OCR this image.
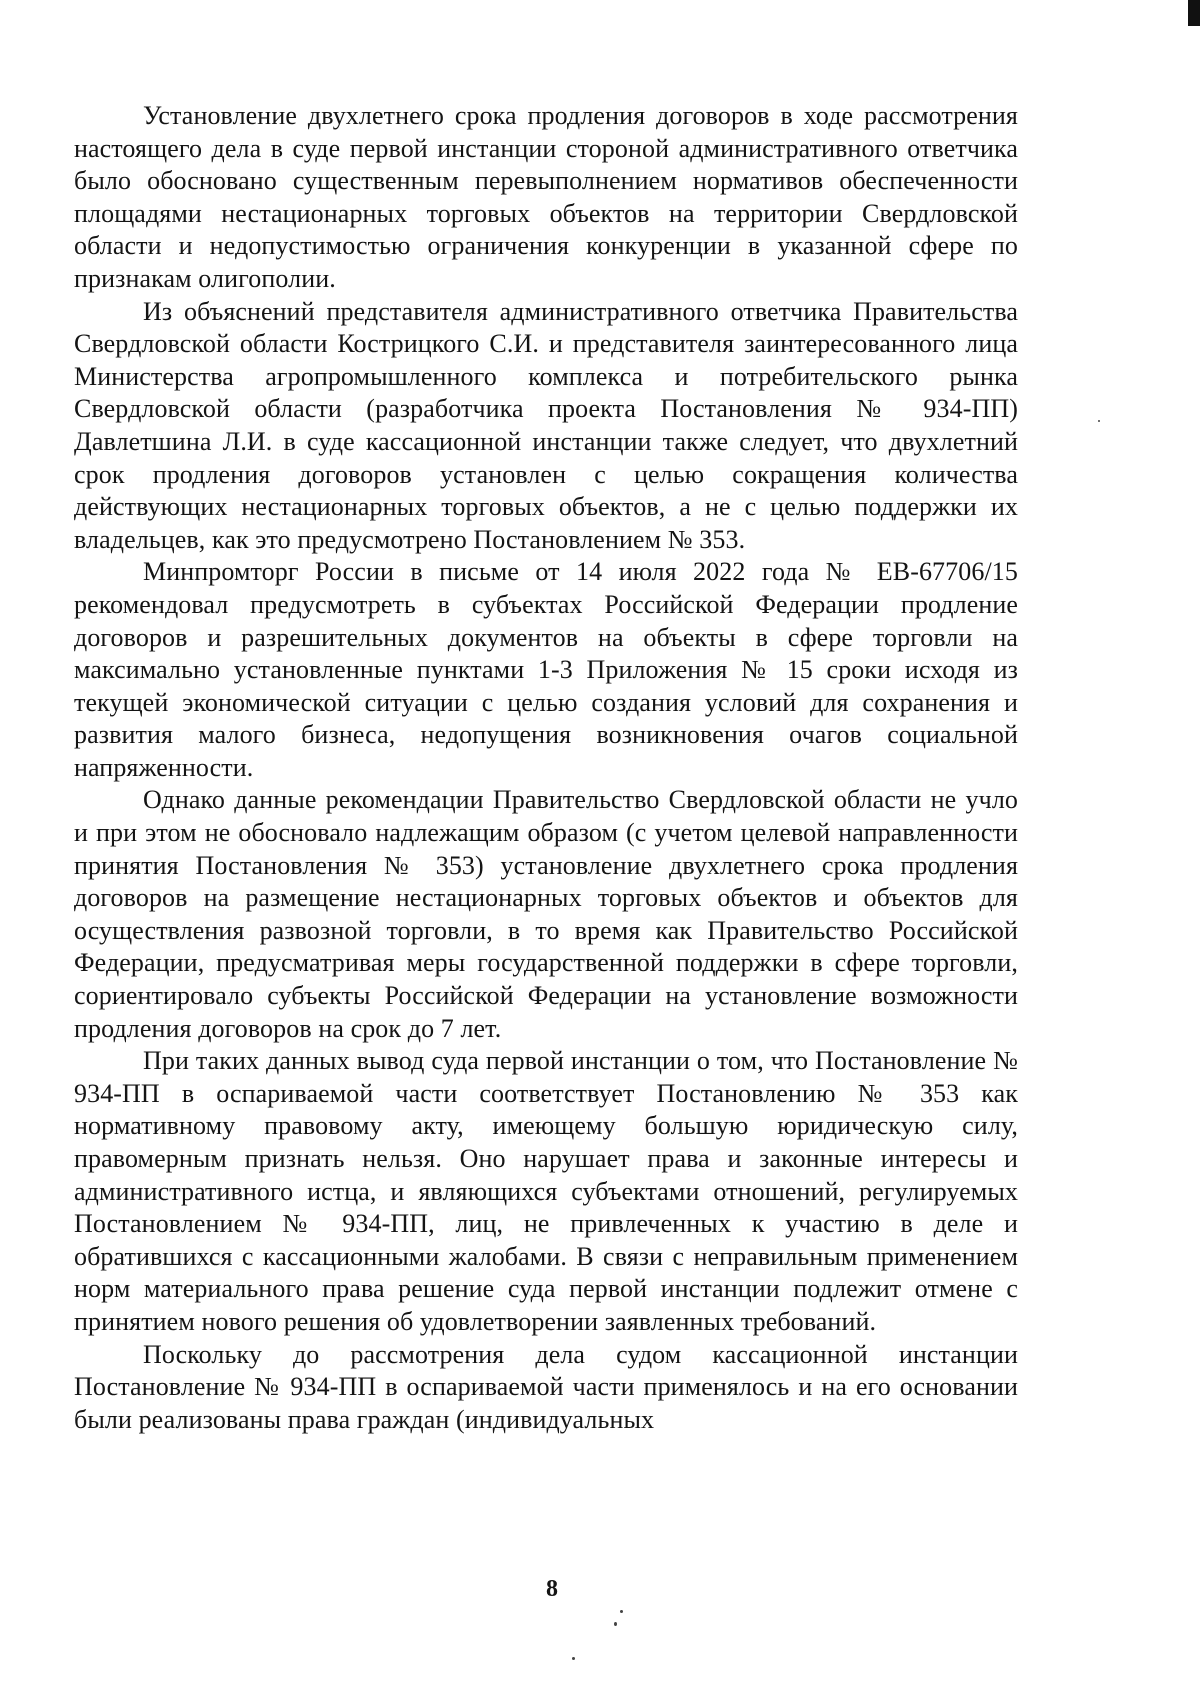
Установление двухлетнего срока продления договоров в ходе рассмотрения настоящего дела в суде первой инстанции стороной административного ответчика было обосновано существенным перевыполнением нормативов обеспеченности площадями нестационарных торговых объектов на территории Свердловской области и недопустимостью ограничения конкуренции в указанной сфере по признакам олигополии.

Из объяснений представителя административного ответчика Правительства Свердловской области Кострицкого С.И. и представителя заинтересованного лица Министерства агропромышленного комплекса и потребительского рынка Свердловской области (разработчика проекта Постановления № 934-ПП) Давлетшина Л.И. в суде кассационной инстанции также следует, что двухлетний срок продления договоров установлен с целью сокращения количества действующих нестационарных торговых объектов, а не с целью поддержки их владельцев, как это предусмотрено Постановлением № 353.

Минпромторг России в письме от 14 июля 2022 года № ЕВ-67706/15 рекомендовал предусмотреть в субъектах Российской Федерации продление договоров и разрешительных документов на объекты в сфере торговли на максимально установленные пунктами 1-3 Приложения № 15 сроки исходя из текущей экономической ситуации с целью создания условий для сохранения и развития малого бизнеса, недопущения возникновения очагов социальной напряженности.

Однако данные рекомендации Правительство Свердловской области не учло и при этом не обосновало надлежащим образом (с учетом целевой направленности принятия Постановления № 353) установление двухлетнего срока продления договоров на размещение нестационарных торговых объектов и объектов для осуществления развозной торговли, в то время как Правительство Российской Федерации, предусматривая меры государственной поддержки в сфере торговли, сориентировало субъекты Российской Федерации на установление возможности продления договоров на срок до 7 лет.

При таких данных вывод суда первой инстанции о том, что Постановление № 934-ПП в оспариваемой части соответствует Постановлению № 353 как нормативному правовому акту, имеющему большую юридическую силу, правомерным признать нельзя. Оно нарушает права и законные интересы и административного истца, и являющихся субъектами отношений, регулируемых Постановлением № 934-ПП, лиц, не привлеченных к участию в деле и обратившихся с кассационными жалобами. В связи с неправильным применением норм материального права решение суда первой инстанции подлежит отмене с принятием нового решения об удовлетворении заявленных требований.

Поскольку до рассмотрения дела судом кассационной инстанции Постановление № 934-ПП в оспариваемой части применялось и на его основании были реализованы права граждан (индивидуальных

8
